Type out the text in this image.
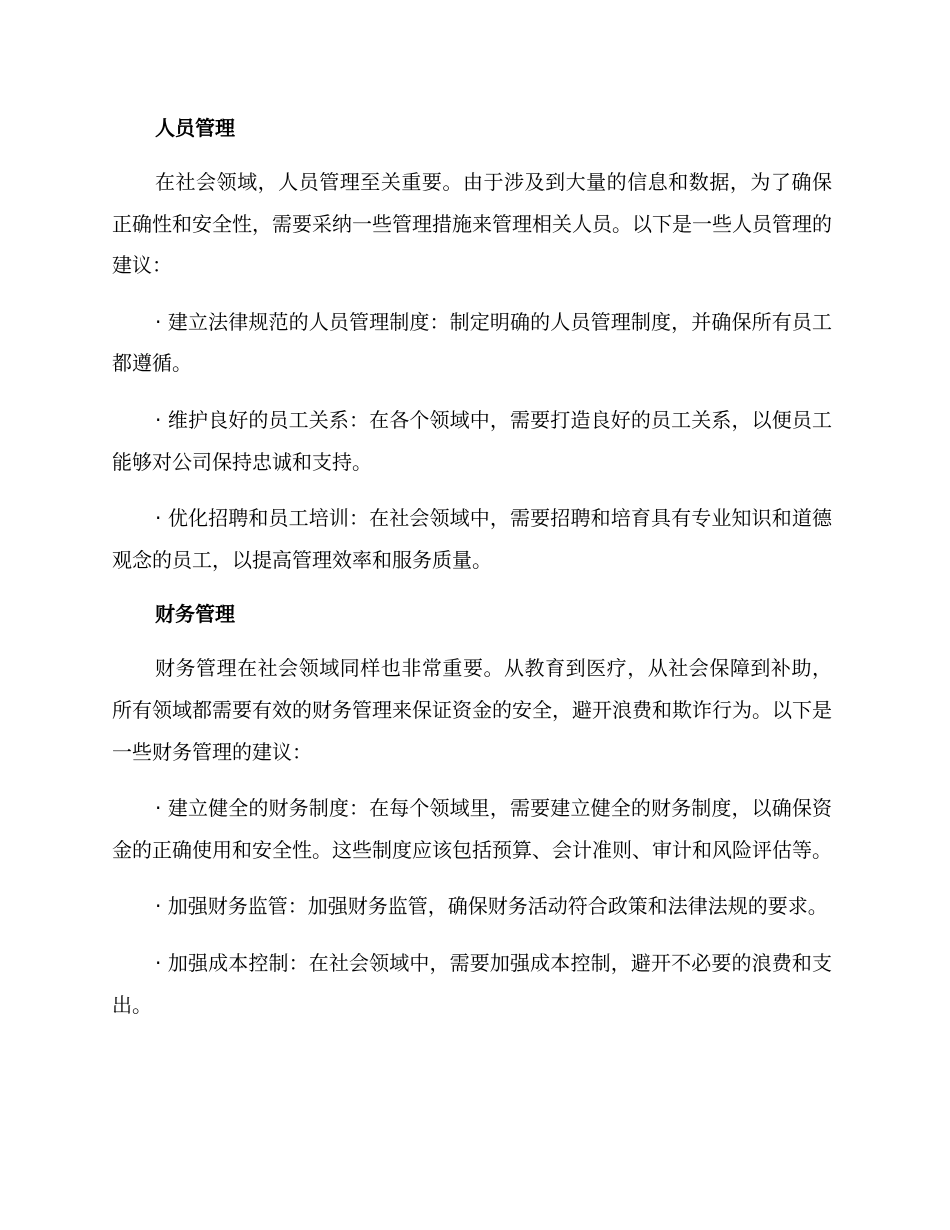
人员管理

在社会领域，人员管理至关重要。由于涉及到大量的信息和数据，为了确保正确性和安全性，需要采纳一些管理措施来管理相关人员。以下是一些人员管理的建议：

· 建立法律规范的人员管理制度：制定明确的人员管理制度，并确保所有员工都遵循。

· 维护良好的员工关系：在各个领域中，需要打造良好的员工关系，以便员工能够对公司保持忠诚和支持。

· 优化招聘和员工培训：在社会领域中，需要招聘和培育具有专业知识和道德观念的员工，以提高管理效率和服务质量。

财务管理

财务管理在社会领域同样也非常重要。从教育到医疗，从社会保障到补助，所有领域都需要有效的财务管理来保证资金的安全，避开浪费和欺诈行为。以下是一些财务管理的建议：

· 建立健全的财务制度：在每个领域里，需要建立健全的财务制度，以确保资金的正确使用和安全性。这些制度应该包括预算、会计准则、审计和风险评估等。

· 加强财务监管：加强财务监管，确保财务活动符合政策和法律法规的要求。

· 加强成本控制：在社会领域中，需要加强成本控制，避开不必要的浪费和支出。
